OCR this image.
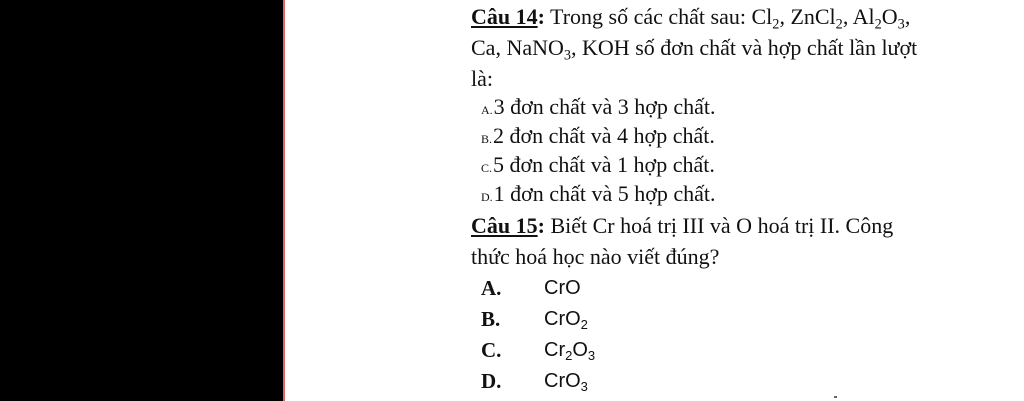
Câu 14: Trong số các chất sau: $Cl_2$, ZnCl$_2$, $Al_2O_3$,
Ca, NaNO$_3$, KOH số đơn chất và hợp chất lần lượt
là:
A.3 đơn chất và 3 hợp chất.
B.2 đơn chất và 4 hợp chất.
C.5 đơn chất và 1 hợp chất.
D.1 đơn chất và 5 hợp chất.
Câu 15: Biết Cr hoá trị III và O hoá trị II. Công
thức hoá học nào viết đúng?
A. CrO
B. CrO$_2$
C. $Cr_2O_3$
D. CrO$_3$
